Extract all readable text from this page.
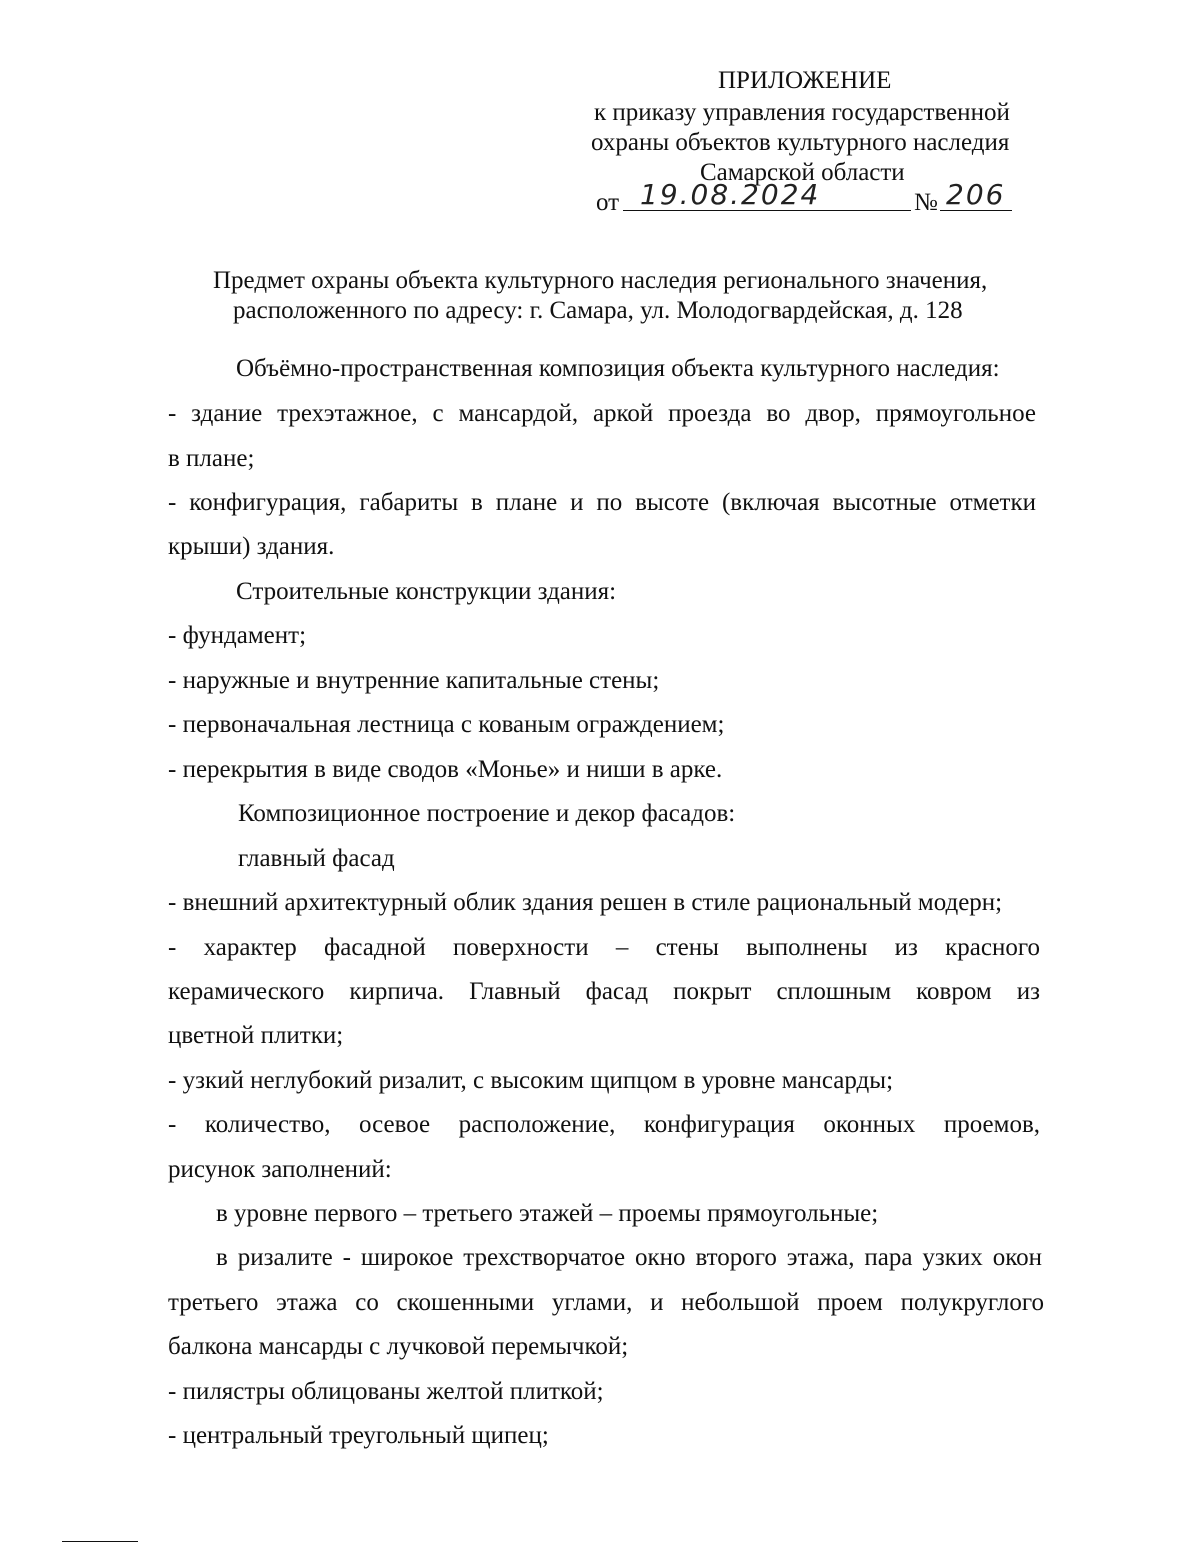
ПРИЛОЖЕНИЕ
к приказу управления государственной
охраны объектов культурного наследия
Самарской области
от 19.08.2024	№ 206
Предмет охраны объекта культурного наследия регионального значения,
расположенного по адресу: г. Самара, ул. Молодогвардейская, д. 128
Объёмно-пространственная композиция объекта культурного наследия:
- здание трехэтажное, с мансардой, аркой проезда во двор, прямоугольное
в плане;
- конфигурация, габариты в плане и по высоте (включая высотные отметки
крыши) здания.
Строительные конструкции здания:
- фундамент;
- наружные и внутренние капитальные стены;
- первоначальная лестница с кованым ограждением;
- перекрытия в виде сводов «Монье» и ниши в арке.
Композиционное построение и декор фасадов:
главный фасад
- внешний архитектурный облик здания решен в стиле рациональный модерн;
- характер фасадной поверхности – стены выполнены из красного
керамического кирпича. Главный фасад покрыт сплошным ковром из
цветной плитки;
- узкий неглубокий ризалит, с высоким щипцом в уровне мансарды;
- количество, осевое расположение, конфигурация оконных проемов,
рисунок заполнений:
в уровне первого – третьего этажей – проемы прямоугольные;
в ризалите - широкое трехстворчатое окно второго этажа, пара узких окон
третьего этажа со скошенными углами, и небольшой проем полукруглого
балкона мансарды с лучковой перемычкой;
- пилястры облицованы желтой плиткой;
- центральный треугольный щипец;
